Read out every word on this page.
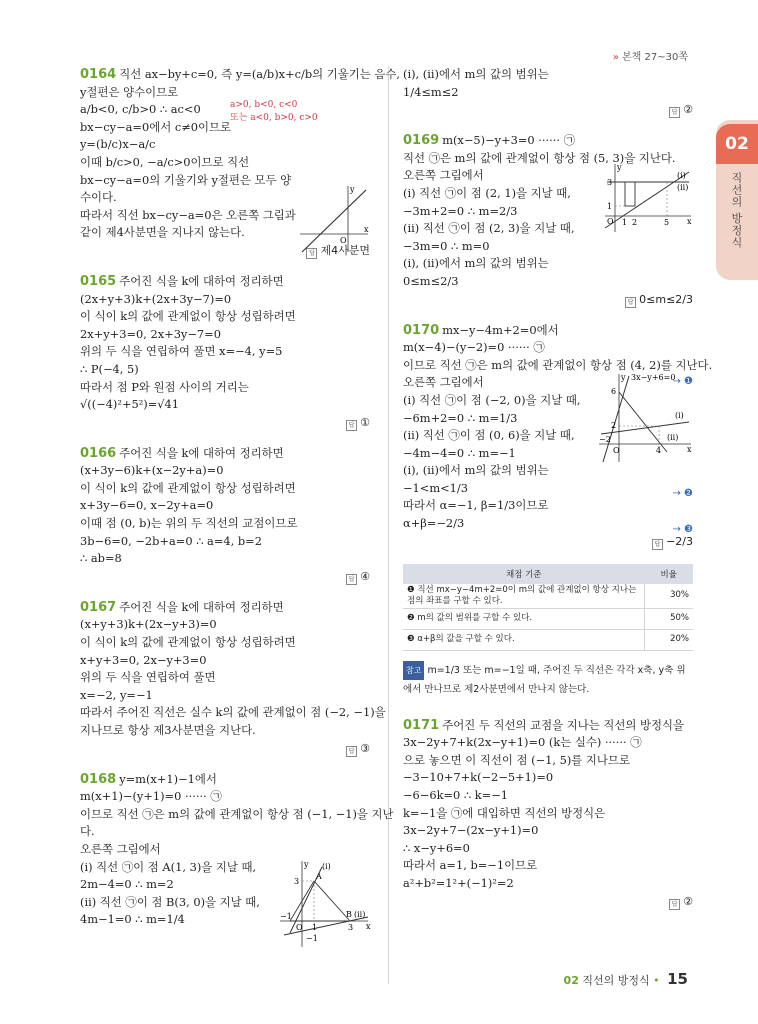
» 본책 27~30쪽
02
직선의 방정식
0164 직선 ax−by+c=0, 즉 y=(a/b)x+c/b의 기울기는 음수,
y절편은 양수이므로
a/b<0, c/b>0 ∴ ac<0
bx−cy−a=0에서 c≠0이므로
y=(b/c)x−a/c
이때 b/c>0, −a/c>0이므로 직선
bx−cy−a=0의 기울기와 y절편은 모두 양
수이다.
따라서 직선 bx−cy−a=0은 오른쪽 그림과
같이 제4사분면을 지나지 않는다.
a>0, b<0, c<0
또는 a<0, b>0, c>0
답 제4사분면
x
y
O
0165 주어진 식을 k에 대하여 정리하면
(2x+y+3)k+(2x+3y−7)=0
이 식이 k의 값에 관계없이 항상 성립하려면
2x+y+3=0, 2x+3y−7=0
위의 두 식을 연립하여 풀면 x=−4, y=5
∴ P(−4, 5)
따라서 점 P와 원점 사이의 거리는
√((−4)²+5²)=√41
답 ①
0166 주어진 식을 k에 대하여 정리하면
(x+3y−6)k+(x−2y+a)=0
이 식이 k의 값에 관계없이 항상 성립하려면
x+3y−6=0, x−2y+a=0
이때 점 (0, b)는 위의 두 직선의 교점이므로
3b−6=0, −2b+a=0 ∴ a=4, b=2
∴ ab=8
답 ④
0167 주어진 식을 k에 대하여 정리하면
(x+y+3)k+(2x−y+3)=0
이 식이 k의 값에 관계없이 항상 성립하려면
x+y+3=0, 2x−y+3=0
위의 두 식을 연립하여 풀면
x=−2, y=−1
따라서 주어진 직선은 실수 k의 값에 관계없이 점 (−2, −1)을
지나므로 항상 제3사분면을 지난다.
답 ③
0168 y=m(x+1)−1에서
m(x+1)−(y+1)=0 ······ ㉠
이므로 직선 ㉠은 m의 값에 관계없이 항상 점 (−1, −1)을 지난
다.
오른쪽 그림에서
(i) 직선 ㉠이 점 A(1, 3)을 지날 때,
2m−4=0 ∴ m=2
(ii) 직선 ㉠이 점 B(3, 0)을 지날 때,
4m−1=0 ∴ m=1/4	x
y
O
3
1
−1
−1
3
A
B
(i)
(ii)
(i), (ii)에서 m의 값의 범위는
1/4≤m≤2
답 ②
0169 m(x−5)−y+3=0 ······ ㉠
직선 ㉠은 m의 값에 관계없이 항상 점 (5, 3)을 지난다.
오른쪽 그림에서
(i) 직선 ㉠이 점 (2, 1)을 지날 때,
−3m+2=0 ∴ m=2/3
(ii) 직선 ㉠이 점 (2, 3)을 지날 때,
−3m=0 ∴ m=0
(i), (ii)에서 m의 값의 범위는
0≤m≤2/3
답 0≤m≤2/3
x
y
O
3
1
1 2	5
(i)
(ii)
0170 mx−y−4m+2=0에서
m(x−4)−(y−2)=0 ······ ㉠
이므로 직선 ㉠은 m의 값에 관계없이 항상 점 (4, 2)를 지난다.
오른쪽 그림에서
(i) 직선 ㉠이 점 (−2, 0)을 지날 때,
−6m+2=0 ∴ m=1/3
(ii) 직선 ㉠이 점 (0, 6)을 지날 때,
−4m−4=0 ∴ m=−1
(i), (ii)에서 m의 값의 범위는
−1<m<1/3
따라서 α=−1, β=1/3이므로
α+β=−2/3
→ ❶
→ ❷
→ ❸
답 −2/3
x
y
O
3x−y+6=0
6
2
−2
4
(i)
(ii)
채점 기준	비율
❶ 직선 mx−y−4m+2=0이 m의 값에 관계없이 항상 지나는 점의 좌표를 구할 수 있다.	30%
❷ m의 값의 범위를 구할 수 있다.	50%
❸ α+β의 값을 구할 수 있다.	20%
참고 m=1/3 또는 m=−1일 때, 주어진 두 직선은 각각 x축, y축 위에서 만나므로 제2사분면에서 만나지 않는다.
0171 주어진 두 직선의 교점을 지나는 직선의 방정식을
3x−2y+7+k(2x−y+1)=0 (k는 실수) ······ ㉠
으로 놓으면 이 직선이 점 (−1, 5)를 지나므로
−3−10+7+k(−2−5+1)=0
−6−6k=0 ∴ k=−1
k=−1을 ㉠에 대입하면 직선의 방정식은
3x−2y+7−(2x−y+1)=0
∴ x−y+6=0
따라서 a=1, b=−1이므로
a²+b²=1²+(−1)²=2
답 ②
02 직선의 방정식 • 15
